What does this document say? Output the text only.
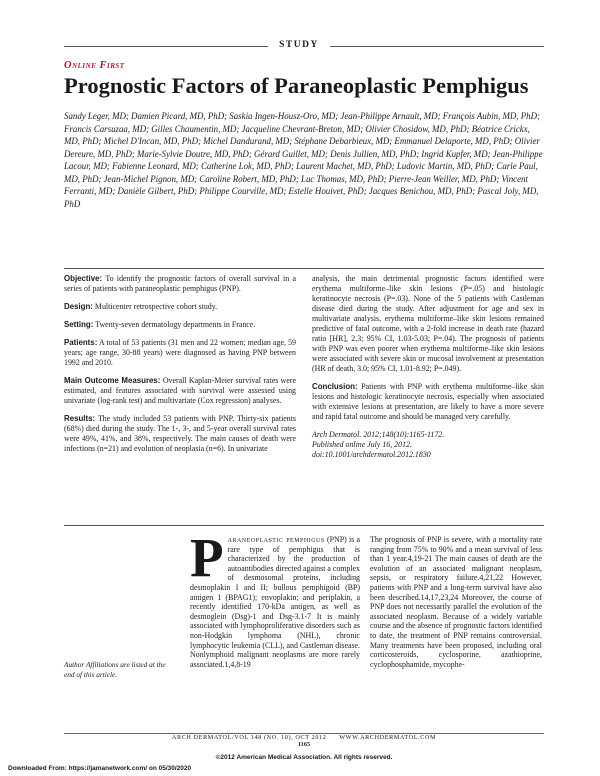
STUDY
Online First
Prognostic Factors of Paraneoplastic Pemphigus
Sandy Leger, MD; Damien Picard, MD, PhD; Saskia Ingen-Housz-Oro, MD; Jean-Philippe Arnault, MD; François Aubin, MD, PhD; Francis Carsuzaa, MD; Gilles Chaumentin, MD; Jacqueline Chevrant-Breton, MD; Olivier Chosidow, MD, PhD; Béatrice Crickx, MD, PhD; Michel D'Incan, MD, PhD; Michel Dandurand, MD; Stéphane Debarbieux, MD; Emmanuel Delaporte, MD, PhD; Olivier Dereure, MD, PhD; Marie-Sylvie Doutre, MD, PhD; Gérard Guillet, MD; Denis Jullien, MD, PhD; Ingrid Kupfer, MD; Jean-Philippe Lacour, MD; Fabienne Leonard, MD; Catherine Lok, MD, PhD; Laurent Machet, MD, PhD; Ludovic Martin, MD, PhD; Carle Paul, MD, PhD; Jean-Michel Pignon, MD; Caroline Robert, MD, PhD; Luc Thomas, MD, PhD; Pierre-Jean Weiller, MD, PhD; Vincent Ferranti, MD; Danièle Gilbert, PhD; Philippe Courville, MD; Estelle Houivet, PhD; Jacques Benichou, MD, PhD; Pascal Joly, MD, PhD

Objective: To identify the prognostic factors of overall survival in a series of patients with paraneoplastic pemphigus (PNP).

Design: Multicenter retrospective cohort study.

Setting: Twenty-seven dermatology departments in France.

Patients: A total of 53 patients (31 men and 22 women; median age, 59 years; age range, 30-88 years) were diagnosed as having PNP between 1992 and 2010.

Main Outcome Measures: Overall Kaplan-Meier survival rates were estimated, and features associated with survival were assessed using univariate (log-rank test) and multivariate (Cox regression) analyses.

Results: The study included 53 patients with PNP. Thirty-six patients (68%) died during the study. The 1-, 3-, and 5-year overall survival rates were 49%, 41%, and 38%, respectively. The main causes of death were infections (n=21) and evolution of neoplasia (n=6). In univariate

analysis, the main detrimental prognostic factors identified were erythema multiforme–like skin lesions (P=.05) and histologic keratinocyte necrosis (P=.03). None of the 5 patients with Castleman disease died during the study. After adjustment for age and sex in multivariate analysis, erythema multiforme–like skin lesions remained predictive of fatal outcome, with a 2-fold increase in death rate (hazard ratio [HR], 2.3; 95% CI, 1.03-5.03; P=.04). The prognosis of patients with PNP was even poorer when erythema multiforme–like skin lesions were associated with severe skin or mucosal involvement at presentation (HR of death, 3.0; 95% CI, 1.01-8.92; P=.049).

Conclusion: Patients with PNP with erythema multiforme–like skin lesions and histologic keratinocyte necrosis, especially when associated with extensive lesions at presentation, are likely to have a more severe and rapid fatal outcome and should be managed very carefully.

Arch Dermatol. 2012;148(10):1165-1172.
Published online July 16, 2012.
doi:10.1001/archdermatol.2012.1830

Paraneoplastic pemphigus (PNP) is a rare type of pemphigus that is characterized by the production of autoantibodies directed against a complex of desmosomal proteins, including desmoplakin I and II; bullous pemphigoid (BP) antigen 1 (BPAG1); envoplakin; and periplakin, a recently identified 170-kDa antigen, as well as desmoglein (Dsg)-1 and Dsg-3.1-7 It is mainly associated with lymphoproliferative disorders such as non-Hodgkin lymphoma (NHL), chronic lymphocytic leukemia (CLL), and Castleman disease. Nonlymphoid malignant neoplasms are more rarely associated.1,4,8-19

The prognosis of PNP is severe, with a mortality rate ranging from 75% to 90% and a mean survival of less than 1 year.4,19-21 The main causes of death are the evolution of an associated malignant neoplasm, sepsis, or respiratory failure.4,21,22 However, patients with PNP and a long-term survival have also been described.14,17,23,24 Moreover, the course of PNP does not necessarily parallel the evolution of the associated neoplasm. Because of a widely variable course and the absence of prognostic factors identified to date, the treatment of PNP remains controversial. Many treatments have been proposed, including oral corticosteroids, cyclosporine, azathioprine, cyclophosphamide, mycophe-

Author Affiliations are listed at the end of this article.
ARCH DERMATOL/VOL 148 (NO. 10), OCT 2012 WWW.ARCHDERMATOL.COM
1165
©2012 American Medical Association. All rights reserved.
Downloaded From: https://jamanetwork.com/ on 05/30/2020
